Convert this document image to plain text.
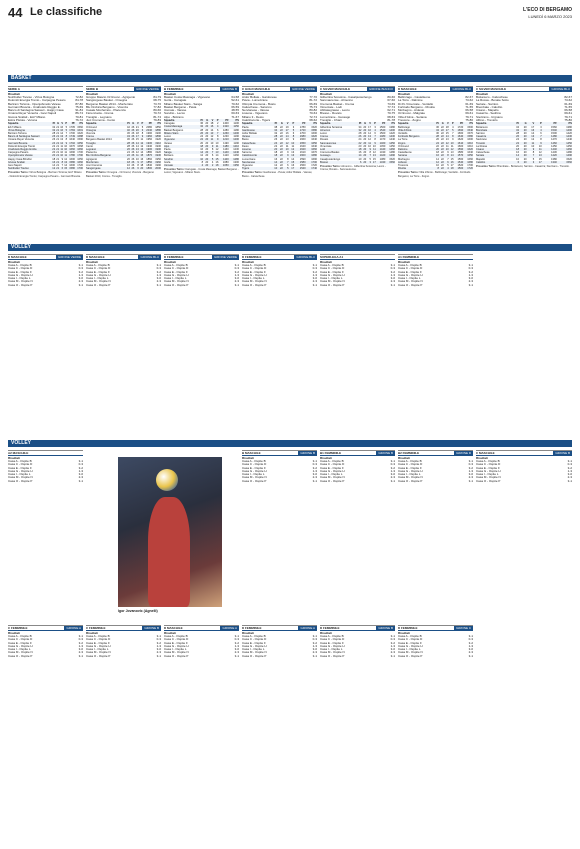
44 Le classifiche	L'ECO DI BERGAMO
LUNEDÌ 6 MARZO 2023
BASKET
VOLLEY
VOLLEY
SERIE A
Risultati
Nutribullet Treviso - Virtus Bologna	72-82
Dolomiti Energia Trento - Carpegna Pesaro	84-78
Bertram Tortona - Openjobmetis Varese	87-80
Germani Brescia - Unahotels Reggio E.	75-69
Banco di Sardegna Sassari - Happy Casa	91-84
Umana Reyer Venezia - Gevi Napoli	86-74
Givova Scafati - EA7 Milano	70-81
Estra Pistoia - Verona	76-72
Squadra	Pt	G	V	P	PF	PS
EA7 Milano	32	21	16	5	1705	1560
Virtus Bologna	32	21	16	5	1784	1601
Bertram Tortona	28	21	14	7	1700	1620
Banco di Sardegna Sassari	26	21	13	8	1749	1688
Umana Reyer Venezia	26	21	13	8	1640	1590
Germani Brescia	24	21	12	9	1702	1650
Dolomiti Energia Trento	22	21	11	10	1670	1668
Unahotels Reggio Emilia	22	21	11	10	1660	1660
Carpegna Pesaro	20	21	10	11	1690	1700
Openjobmetis Varese	20	21	10	11	1780	1790
Happy Casa Brindisi	18	21	9	12	1600	1650
Givova Scafati	16	21	8	13	1580	1660
Gevi Napoli	14	21	7	14	1600	1720
Nutribullet Treviso	12	21	6	15	1580	1700
Prossimo Turno: Virtus Bologna - Bertram Tortona; EA7 Milano - Dolomiti Energia Trento; Carpegna Pesaro - Germani Brescia.
SERIE B	GIRONE VERDE
Risultati
Gruppo Mascio Orzinuovi - Agrigento	84-79
Sangiorgese Basket - Omegna	68-75
Bergamo Basket 2014 - Monferrato	73-70
Blu Orobica Bergamo - Vicenza	77-82
Casale Monferrato - Piacenza	80-66
Fiorenzuola - Crema	70-72
Treviglio - Legnano	81-74
Juvi Cremona - Cento	79-83
Squadra	Pt	G	V	P	PF	PS
Orzinuovi	42	26	21	5	2080	1850
Omegna	40	26	20	6	2040	1880
Vicenza	36	26	18	8	1990	1900
Crema	34	26	17	9	1960	1890
Bergamo Basket 2014	30	26	15	11	1950	1920
Treviglio	28	26	14	12	1930	1910
Cento	28	26	14	12	1940	1930
Legnano	26	26	13	13	1900	1900
Piacenza	24	26	12	14	1880	1920
Blu Orobica Bergamo	22	26	11	15	1870	1930
Agrigento	20	26	10	16	1860	1950
Monferrato	18	26	9	17	1850	1960
Juvi Cremona	16	26	8	18	1840	1990
Sangiorgese	12	26	6	20	1800	2000
Prossimo Turno: Omegna - Orzinuovi; Vicenza - Bergamo Basket 2014; Crema - Treviglio.
B FEMMINILE	GIRONE B
Risultati
Basket Costa Masnaga - Vigevano	64-58
Gorla - Carugate	52-61
Milano Basket Stars - Sanga	70-62
Basket Bergamo - Pavia	66-59
Usmate - Varese	48-55
Sondrio - Lecco	60-63
Alpo - Bolzano	71-67
Squadra	Pt	G	V	P	PF	PS
Carugate	36	20	18	2	1400	1100
Costa Masnaga	32	20	16	4	1320	1150
Basket Bergamo	28	20	14	6	1280	1180
Milano Stars	26	20	13	7	1260	1200
Lecco	24	20	12	8	1230	1190
Vigevano	22	20	11	9	1210	1200
Varese	20	20	10	10	1190	1190
Alpo	18	20	9	11	1180	1210
Pavia	16	20	8	12	1160	1230
Sanga	14	20	7	13	1140	1240
Bolzano	12	20	6	14	1120	1260
Sondrio	10	20	5	15	1100	1280
Gorla	8	20	4	16	1080	1300
Usmate	4	20	2	18	1050	1350
Prossimo Turno: Carugate - Costa Masnaga; Basket Bergamo - Lecco; Vigevano - Milano Stars.
C GOLD MASCHILE	GIRONE VERDE
Risultati
Ardor Bollate - Gardonese	77-70
Pavia - Lumezzane	81-72
Olimpia Cremona - Busto	66-69
Caluschese - Saronno	75-73
Nervianese - Varese	80-82
Lissone - Vigevano	70-64
Milano 3 - Desio	72-74
Calolziocorte - Tigers	68-62
Squadra	Pt	G	V	P	PF	PS
Pavia	38	22	19	3	1780	1520
Gardonese	34	22	17	5	1720	1580
Ardor Bollate	32	22	16	6	1700	1600
Varese	28	22	14	8	1680	1620
Busto	26	22	13	9	1660	1640
Caluschese	24	22	12	10	1650	1650
Desio	22	22	11	11	1640	1640
Lissone	20	22	10	12	1620	1660
Saronno	18	22	9	13	1610	1670
Calolziocorte	18	22	9	13	1600	1680
Lumezzane	16	22	8	14	1590	1690
Nervianese	14	22	7	15	1580	1700
Vigevano	12	22	6	16	1560	1720
Tigers	10	22	5	17	1540	1740
Prossimo Turno: Gardonese - Pavia; Ardor Bollate - Varese; Busto - Caluschese.
C SILVER MASCHILE	GIRONE BIANCO
Risultati
Gilbertina Soresina - Casalpusterlengo	80-66
Sanmaurense - Almenno	67-60
Cremona Basket - Crema	73-69
Vimercate - Lodi	77-74
Abbiategrasso - Lecco	62-71
Bresso - Rovato	70-75
Lumezzane - Gussago	68-63
Treviglio - Chiari	81-78
Squadra	Pt	G	V	P	PF	PS
Gilbertina Soresina	34	20	17	3	1560	1380
Almenno	32	20	16	4	1540	1400
Lecco	28	20	14	6	1500	1420
Crema	26	20	13	7	1480	1430
Rovato	24	20	12	8	1470	1440
Sanmaurense	22	20	11	9	1460	1450
Vimercate	20	20	10	10	1450	1450
Lodi	18	20	9	11	1440	1460
Cremona Basket	16	20	8	12	1430	1480
Gussago	14	20	7	13	1420	1490
Casalpusterlengo	10	20	5	15	1380	1520
Bresso	6	20	3	17	1340	1560
Prossimo Turno: Almenno - Gilbertina Soresina; Lecco - Crema; Rovato - Sanmaurense.
D MASCHILE	GIRONE BLU
Risultati
Bellinzago - Castelleone	82-67
La Torre - Dalmine	73-62
Di.Po Vimercate - Verdello	61-69
Fortitudo Bergamo - Rivolta	71-55
Morbegno - Ardesio	66-58
Orzinuovi - Malgrate	69-61
Villa d'Almè - Seriana	79-71
Trescore - Zogno	75-80
Squadra	Pt	G	V	P	PF	PS
Bellinzago	36	22	18	4	1720	1500
Villa d'Almè	34	22	17	5	1690	1540
Verdello	30	22	15	7	1660	1570
Fortitudo Bergamo	28	22	14	8	1640	1580
La Torre	26	22	13	9	1620	1600
Zogno	24	22	12	10	1610	1610
Orzinuovi	22	22	11	11	1600	1610
Dalmine	20	22	10	12	1590	1620
Castelleone	18	22	9	13	1580	1640
Seriana	16	22	8	14	1570	1650
Morbegno	14	22	7	15	1560	1660
Ardesio	12	22	6	16	1540	1680
Trescore	10	22	5	17	1520	1700
Rivolta	8	22	4	18	1500	1720
Prossimo Turno: Villa d'Almè - Bellinzago; Verdello - Fortitudo Bergamo; La Torre - Zogno.
C SILVER MASCHILE	GIRONE BLU
Risultati
Bottanuco - Caluschese	82-67
La Rossa - Bonate Sotto	73-62
Seriate - Sarnico	61-69
Brembate - Calolzio	71-55
Cisano - Mapello	66-58
Casazza - Sedrina	69-61
Stezzano - Urgnano	79-71
Albino - Treviolo	75-80
Squadra	Pt	G	V	P	PF	PS
Bottanuco	34	20	17	3	1560	1380
Brembate	32	20	16	4	1540	1400
Sarnico	28	20	14	6	1500	1420
Casazza	26	20	13	7	1480	1430
Stezzano	24	20	12	8	1470	1440
Treviolo	22	20	11	9	1460	1450
La Rossa	20	20	10	10	1450	1450
Cisano	18	20	9	11	1440	1460
Caluschese	16	20	8	12	1430	1480
Seriate	14	20	7	13	1420	1490
Mapello	10	20	5	15	1380	1520
Calolzio	6	20	3	17	1340	1560
Prossimo Turno: Brembate - Bottanuco; Sarnico - Casazza; Stezzano - Treviolo.
D MASCHILE	GIRONE VERDE
Risultati
Casa A - Ospite B	3-1
Casa C - Ospite D	0-3
Casa E - Ospite F	3-2
Casa G - Ospite H	1-3
Casa I - Ospite L	3-0
Casa M - Ospite N	2-3
Casa O - Ospite P	3-1
D MASCHILE	GIRONE BLU
Risultati
Casa A - Ospite B	3-1
Casa C - Ospite D	0-3
Casa E - Ospite F	3-2
Casa G - Ospite H	1-3
Casa I - Ospite L	3-0
Casa M - Ospite N	2-3
Casa O - Ospite P	3-1
D FEMMINILE	GIRONE VERDE
Risultati
Casa A - Ospite B	3-1
Casa C - Ospite D	0-3
Casa E - Ospite F	3-2
Casa G - Ospite H	1-3
Casa I - Ospite L	3-0
Casa M - Ospite N	2-3
Casa O - Ospite P	3-1
D FEMMINILE	GIRONE BLU
Risultati
Casa A - Ospite B	3-1
Casa C - Ospite D	0-3
Casa E - Ospite F	3-2
Casa G - Ospite H	1-3
Casa I - Ospite L	3-0
Casa M - Ospite N	2-3
Casa O - Ospite P	3-1
SUPERLEGA A1
Risultati
Casa A - Ospite B	3-1
Casa C - Ospite D	0-3
Casa E - Ospite F	3-2
Casa G - Ospite H	1-3
Casa I - Ospite L	3-0
Casa M - Ospite N	2-3
Casa O - Ospite P	3-1
A1 FEMMINILE
Risultati
Casa A - Ospite B	3-1
Casa C - Ospite D	0-3
Casa E - Ospite F	3-2
Casa G - Ospite H	1-3
Casa I - Ospite L	3-0
Casa M - Ospite N	2-3
Casa O - Ospite P	3-1
A2 MASCHILE
Risultati
Casa A - Ospite B	3-1
Casa C - Ospite D	0-3
Casa E - Ospite F	3-2
Casa G - Ospite H	1-3
Casa I - Ospite L	3-0
Casa M - Ospite N	2-3
Casa O - Ospite P	3-1
B MASCHILE	GIRONE B
Risultati
Casa A - Ospite B	3-1
Casa C - Ospite D	0-3
Casa E - Ospite F	3-2
Casa G - Ospite H	1-3
Casa I - Ospite L	3-0
Casa M - Ospite N	2-3
Casa O - Ospite P	3-1
B1 FEMMINILE	GIRONE B
Risultati
Casa A - Ospite B	3-1
Casa C - Ospite D	0-3
Casa E - Ospite F	3-2
Casa G - Ospite H	1-3
Casa I - Ospite L	3-0
Casa M - Ospite N	2-3
Casa O - Ospite P	3-1
B2 FEMMINILE	GIRONE D
Risultati
Casa A - Ospite B	3-1
Casa C - Ospite D	0-3
Casa E - Ospite F	3-2
Casa G - Ospite H	1-3
Casa I - Ospite L	3-0
Casa M - Ospite N	2-3
Casa O - Ospite P	3-1
C MASCHILE	GIRONE B
Risultati
Casa A - Ospite B	3-1
Casa C - Ospite D	0-3
Casa E - Ospite F	3-2
Casa G - Ospite H	1-3
Casa I - Ospite L	3-0
Casa M - Ospite N	2-3
Casa O - Ospite P	3-1
C FEMMINILE	GIRONE A
Risultati
Casa A - Ospite B	3-1
Casa C - Ospite D	0-3
Casa E - Ospite F	3-2
Casa G - Ospite H	1-3
Casa I - Ospite L	3-0
Casa M - Ospite N	2-3
Casa O - Ospite P	3-1
C FEMMINILE	GIRONE B
Risultati
Casa A - Ospite B	3-1
Casa C - Ospite D	0-3
Casa E - Ospite F	3-2
Casa G - Ospite H	1-3
Casa I - Ospite L	3-0
Casa M - Ospite N	2-3
Casa O - Ospite P	3-1
D MASCHILE	GIRONE A
Risultati
Casa A - Ospite B	3-1
Casa C - Ospite D	0-3
Casa E - Ospite F	3-2
Casa G - Ospite H	1-3
Casa I - Ospite L	3-0
Casa M - Ospite N	2-3
Casa O - Ospite P	3-1
D FEMMINILE	GIRONE A
Risultati
Casa A - Ospite B	3-1
Casa C - Ospite D	0-3
Casa E - Ospite F	3-2
Casa G - Ospite H	1-3
Casa I - Ospite L	3-0
Casa M - Ospite N	2-3
Casa O - Ospite P	3-1
D FEMMINILE	GIRONE B
Risultati
Casa A - Ospite B	3-1
Casa C - Ospite D	0-3
Casa E - Ospite F	3-2
Casa G - Ospite H	1-3
Casa I - Ospite L	3-0
Casa M - Ospite N	2-3
Casa O - Ospite P	3-1
D FEMMINILE	GIRONE C
Risultati
Casa A - Ospite B	3-1
Casa C - Ospite D	0-3
Casa E - Ospite F	3-2
Casa G - Ospite H	1-3
Casa I - Ospite L	3-0
Casa M - Ospite N	2-3
Casa O - Ospite P	3-1
Igor Jovanovic (Agnelli)
